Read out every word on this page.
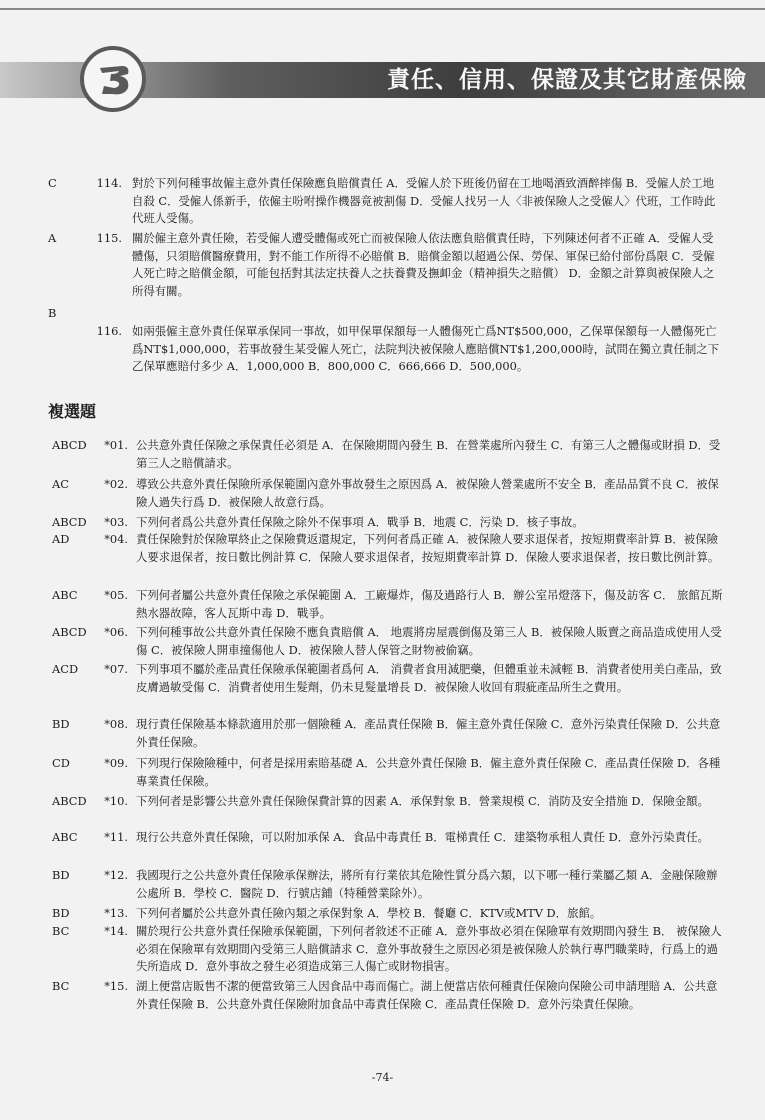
責任、信用、保證及其它財產保險
C	114. 對於下列何種事故僱主意外責任保險應負賠償責任 A．受僱人於下班後仍留在工地喝酒致酒醉摔傷 B．受僱人於工地自殺 C．受僱人係新手，依僱主吩咐操作機器竟被割傷 D．受僱人找另一人〈非被保險人之受僱人〉代班，工作時此代班人受傷。
A	115. 關於僱主意外責任險，若受僱人遭受體傷或死亡而被保險人依法應負賠償責任時，下列陳述何者不正確 A．受僱人受體傷，只須賠償醫療費用，對不能工作所得不必賠償 B．賠償金額以超過公保、勞保、軍保已給付部份爲限 C．受僱人死亡時之賠償金額，可能包括對其法定扶養人之扶養費及撫卹金（精神損失之賠償） D．金額之計算與被保險人之所得有關。
B
116. 如兩張僱主意外責任保單承保同一事故，如甲保單保額每一人體傷死亡爲NT$500,000，乙保單保額每一人體傷死亡爲NT$1,000,000，若事故發生某受僱人死亡，法院判決被保險人應賠償NT$1,200,000時，試問在獨立責任制之下乙保單應賠付多少 A．1,000,000 B．800,000 C．666,666 D．500,000。
複選題
ABCD	*01. 公共意外責任保險之承保責任必須是 A．在保險期間內發生 B．在營業處所內發生 C．有第三人之體傷或財損 D．受第三人之賠償請求。
AC	*02. 導致公共意外責任保險所承保範圍內意外事故發生之原因爲 A．被保險人營業處所不安全 B．產品品質不良 C．被保險人過失行爲 D．被保險人故意行爲。
ABCD	*03. 下列何者爲公共意外責任保險之除外不保事項 A．戰爭 B．地震 C．污染 D．核子事故。
AD	*04. 責任保險對於保險單終止之保險費返還規定，下列何者爲正確 A．被保險人要求退保者，按短期費率計算 B．被保險人要求退保者，按日數比例計算 C．保險人要求退保者，按短期費率計算 D．保險人要求退保者，按日數比例計算。
ABC	*05. 下列何者屬公共意外責任保險之承保範圍 A．工廠爆炸，傷及過路行人 B．辦公室吊燈落下，傷及訪客 C． 旅館瓦斯熱水器故障，客人瓦斯中毒 D．戰爭。
ABCD	*06. 下列何種事故公共意外責任保險不應負責賠償 A． 地震將房屋震倒傷及第三人 B．被保險人販賣之商品造成使用人受傷 C．被保險人開車撞傷他人 D．被保險人替人保管之財物被偷竊。
ACD	*07. 下列事項不屬於產品責任保險承保範圍者爲何 A． 消費者食用減肥藥，但體重並未減輕 B．消費者使用美白產品，致皮膚過敏受傷 C．消費者使用生髮劑，仍未見髮量增長 D．被保險人收回有瑕疵產品所生之費用。
BD	*08. 現行責任保險基本條款適用於那一個險種 A．產品責任保險 B．僱主意外責任保險 C．意外污染責任保險 D．公共意外責任保險。
CD	*09. 下列現行保險險種中，何者是採用索賠基礎 A．公共意外責任保險 B．僱主意外責任保險 C．產品責任保險 D．各種專業責任保險。
ABCD	*10. 下列何者是影響公共意外責任保險保費計算的因素 A．承保對象 B．營業規模 C．消防及安全措施 D．保險金額。
ABC	*11. 現行公共意外責任保險，可以附加承保 A．食品中毒責任 B．電梯責任 C．建築物承租人責任 D．意外污染責任。
BD	*12. 我國現行之公共意外責任保險承保辦法，將所有行業依其危險性質分爲六類，以下哪一種行業屬乙類 A．金融保險辦公處所 B．學校 C．醫院 D．行號店鋪（特種營業除外）。
BD	*13. 下列何者屬於公共意外責任險內類之承保對象 A．學校 B．餐廳 C．KTV或MTV D．旅館。
BC	*14. 關於現行公共意外責任保險承保範圍，下列何者敘述不正確 A．意外事故必須在保險單有效期間內發生 B． 被保險人必須在保險單有效期間內受第三人賠償請求 C．意外事故發生之原因必須是被保險人於執行專門職業時，行爲上的過失所造成 D．意外事故之發生必須造成第三人傷亡或財物損害。
BC	*15. 湖上便當店販售不潔的便當致第三人因食品中毒而傷亡。湖上便當店依何種責任保險向保險公司申請理賠 A．公共意外責任保險 B．公共意外責任保險附加食品中毒責任保險 C．產品責任保險 D．意外污染責任保險。
-74-
